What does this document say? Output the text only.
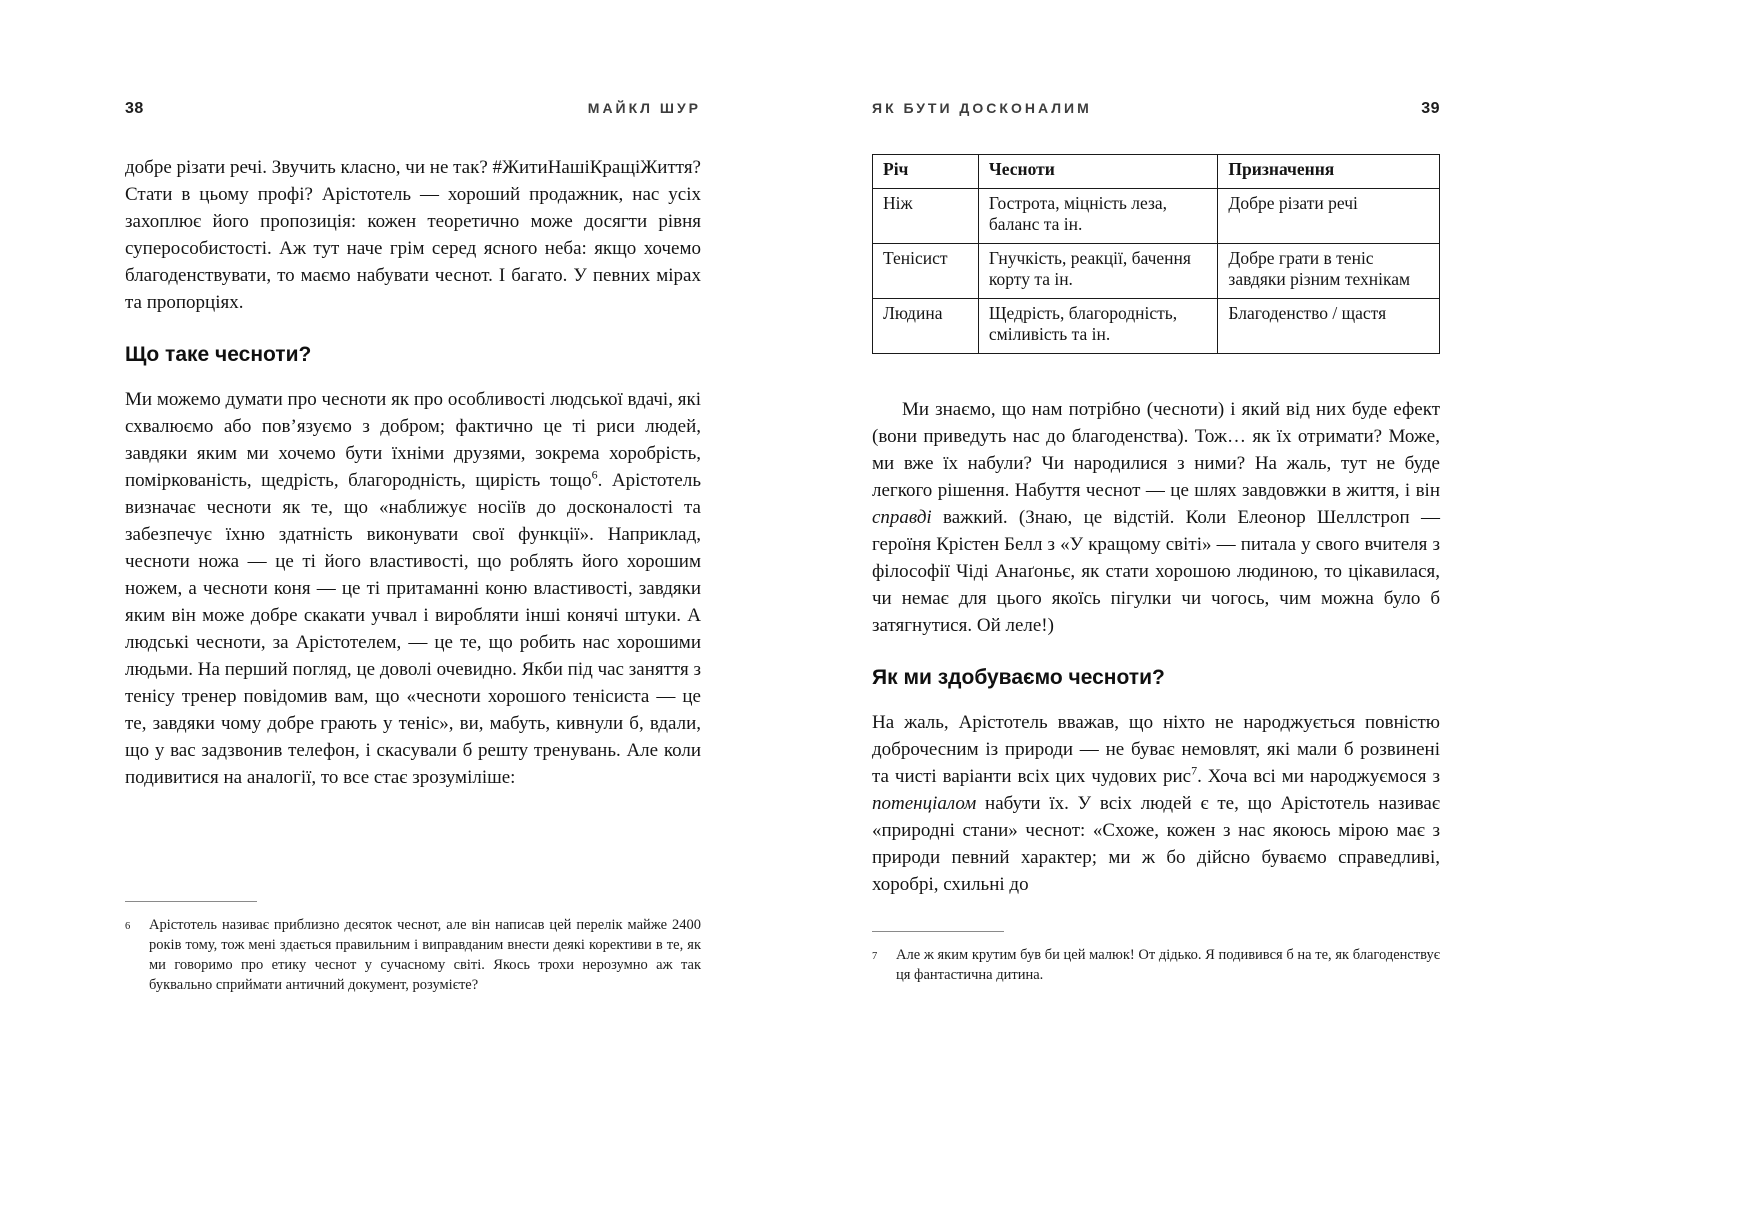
38	МАЙКЛ ШУР

добре різати речі. Звучить класно, чи не так? #ЖитиНашіКращіЖиття? Стати в цьому профі? Арістотель — хороший продажник, нас усіх захоплює його пропозиція: кожен теоретично може досягти рівня суперособистості. Аж тут наче грім серед ясного неба: якщо хочемо благоденствувати, то маємо набувати чеснот. І багато. У певних мірах та пропорціях.

Що таке чесноти?

Ми можемо думати про чесноти як про особливості людської вдачі, які схвалюємо або пов’язуємо з добром; фактично це ті риси людей, завдяки яким ми хочемо бути їхніми друзями, зокрема хоробрість, поміркованість, щедрість, благородність, щирість тощо$^6$. Арістотель визначає чесноти як те, що «наближує носіїв до досконалості та забезпечує їхню здатність виконувати свої функції». Наприклад, чесноти ножа — це ті його властивості, що роблять його хорошим ножем, а чесноти коня — це ті притаманні коню властивості, завдяки яким він може добре скакати учвал і виробляти інші конячі штуки. А людські чесноти, за Арістотелем, — це те, що робить нас хорошими людьми. На перший погляд, це доволі очевидно. Якби під час заняття з тенісу тренер повідомив вам, що «чесноти хорошого тенісиста — це те, завдяки чому добре грають у теніс», ви, мабуть, кивнули б, вдали, що у вас задзвонив телефон, і скасували б решту тренувань. Але коли подивитися на аналогії, то все стає зрозуміліше:

6	Арістотель називає приблизно десяток чеснот, але він написав цей перелік майже 2400 років тому, тож мені здається правильним і виправданим внести деякі корективи в те, як ми говоримо про етику чеснот у сучасному світі. Якось трохи нерозумно аж так буквально сприймати античний документ, розумієте?
ЯК БУТИ ДОСКОНАЛИМ	39
Річ	Чесноти	Призначення
Ніж	Гострота, міцність леза, баланс та ін.	Добре різати речі
Тенісист	Гнучкість, реакції, бачення корту та ін.	Добре грати в теніс завдяки різним технікам
Людина	Щедрість, благородність, сміливість та ін.	Благоденство / щастя

Ми знаємо, що нам потрібно (чесноти) і який від них буде ефект (вони приведуть нас до благоденства). Тож… як їх отримати? Може, ми вже їх набули? Чи народилися з ними? На жаль, тут не буде легкого рішення. Набуття чеснот — це шлях завдовжки в життя, і він справді важкий. (Знаю, це відстій. Коли Елеонор Шеллстроп — героїня Крістен Белл з «У кращому світі» — питала у свого вчителя з філософії Чіді Анаґоньє, як стати хорошою людиною, то цікавилася, чи немає для цього якоїсь пігулки чи чогось, чим можна було б затягнутися. Ой леле!)

Як ми здобуваємо чесноти?

На жаль, Арістотель вважав, що ніхто не народжується повністю доброчесним із природи — не буває немовлят, які мали б розвинені та чисті варіанти всіх цих чудових рис$^7$. Хоча всі ми народжуємося з потенціалом набути їх. У всіх людей є те, що Арістотель називає «природні стани» чеснот: «Схоже, кожен з нас якоюсь мірою має з природи певний характер; ми ж бо дійсно буваємо справедливі, хоробрі, схильні до

7	Але ж яким крутим був би цей малюк! От дідько. Я подивився б на те, як благоденствує ця фантастична дитина.
